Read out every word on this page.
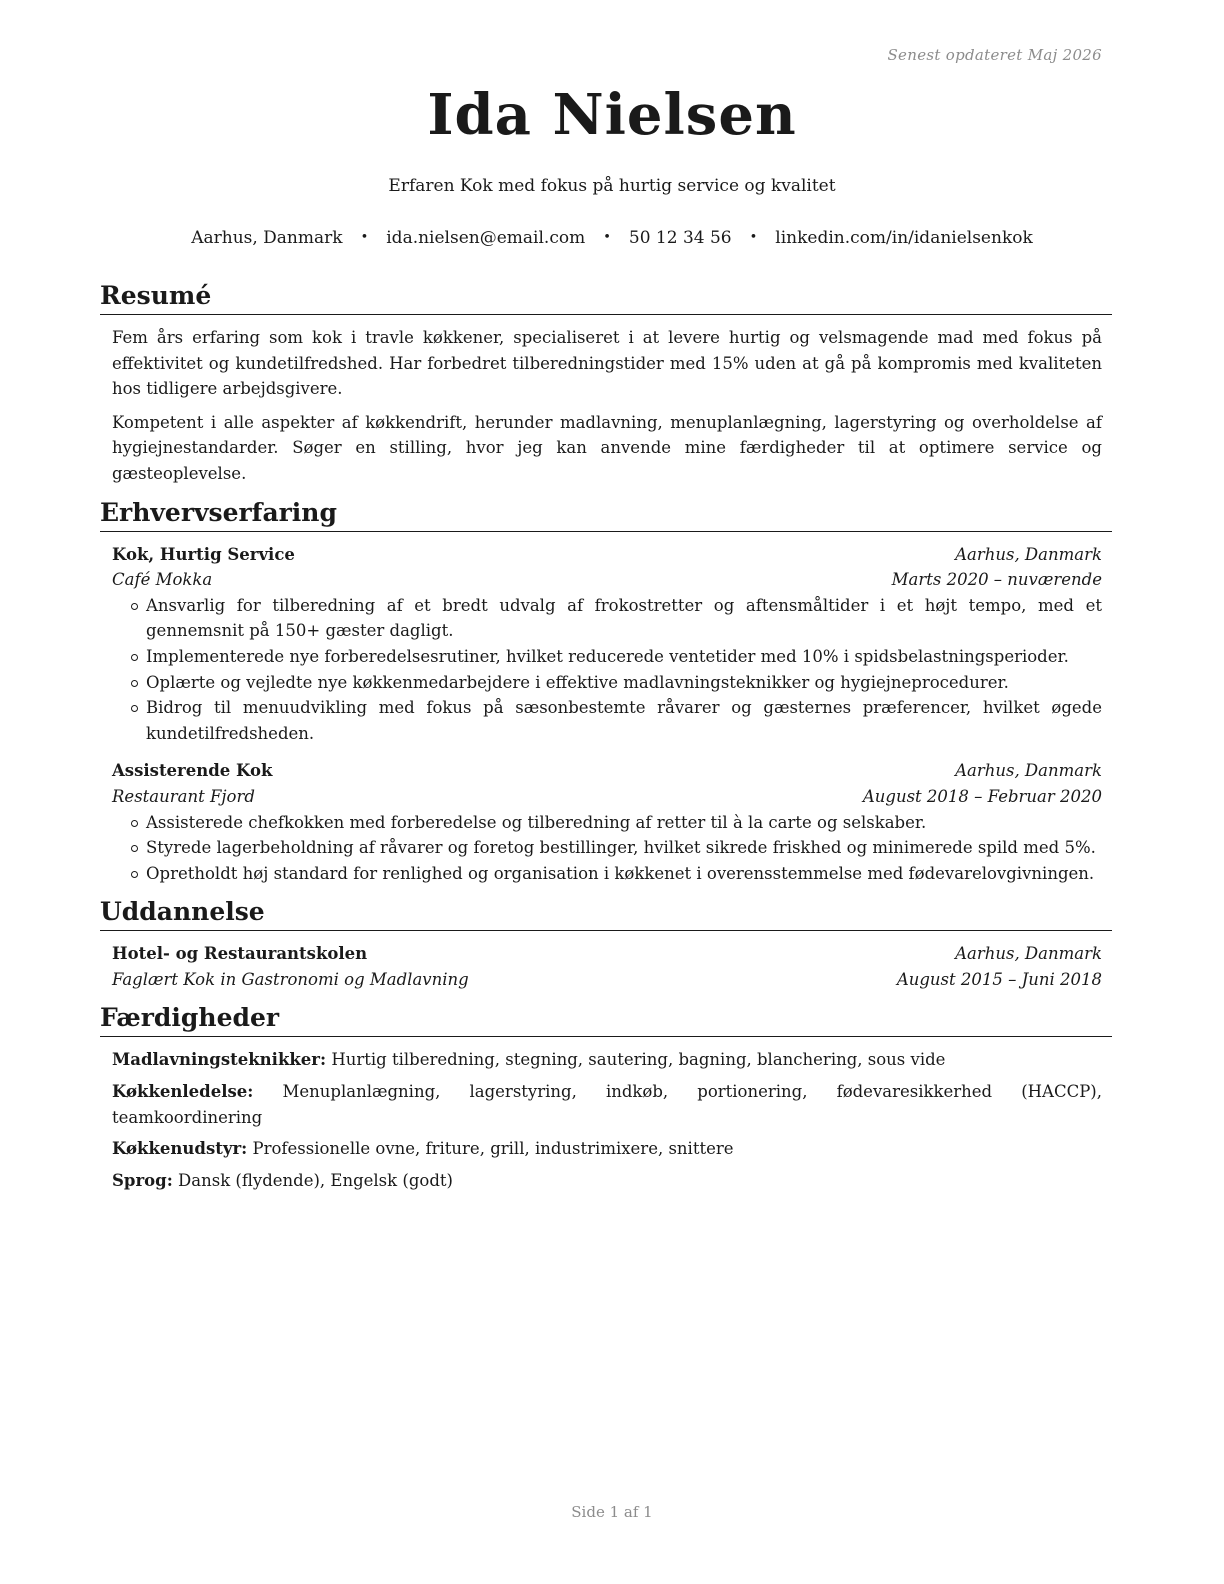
Senest opdateret Maj 2026
Ida Nielsen
Erfaren Kok med fokus på hurtig service og kvalitet
Aarhus, Danmark • ida.nielsen@email.com • 50 12 34 56 • linkedin.com/in/idanielsenkok
Resumé

Fem års erfaring som kok i travle køkkener, specialiseret i at levere hurtig og velsmagende mad med fokus på effektivitet og kundetilfredshed. Har forbedret tilberedningstider med 15% uden at gå på kompromis med kvaliteten hos tidligere arbejdsgivere.

Kompetent i alle aspekter af køkkendrift, herunder madlavning, menuplanlægning, lagerstyring og overholdelse af hygiejnestandarder. Søger en stilling, hvor jeg kan anvende mine færdigheder til at optimere service og gæsteoplevelse.

Erhvervserfaring
Kok, Hurtig Service	Aarhus, Danmark
Café Mokka	Marts 2020 – nuværende
Ansvarlig for tilberedning af et bredt udvalg af frokostretter og aftensmåltider i et højt tempo, med et gennemsnit på 150+ gæster dagligt.
Implementerede nye forberedelsesrutiner, hvilket reducerede ventetider med 10% i spidsbelastningsperioder.
Oplærte og vejledte nye køkkenmedarbejdere i effektive madlavningsteknikker og hygiejneprocedurer.
Bidrog til menuudvikling med fokus på sæsonbestemte råvarer og gæsternes præferencer, hvilket øgede kundetilfredsheden.
Assisterende Kok	Aarhus, Danmark
Restaurant Fjord	August 2018 – Februar 2020
Assisterede chefkokken med forberedelse og tilberedning af retter til à la carte og selskaber.
Styrede lagerbeholdning af råvarer og foretog bestillinger, hvilket sikrede friskhed og minimerede spild med 5%.
Opretholdt høj standard for renlighed og organisation i køkkenet i overensstemmelse med fødevarelovgivningen.
Uddannelse
Hotel- og Restaurantskolen	Aarhus, Danmark
Faglært Kok in Gastronomi og Madlavning	August 2015 – Juni 2018
Færdigheder
Madlavningsteknikker: Hurtig tilberedning, stegning, sautering, bagning, blanchering, sous vide
Køkkenledelse: Menuplanlægning, lagerstyring, indkøb, portionering, fødevaresikkerhed (HACCP), teamkoordinering
Køkkenudstyr: Professionelle ovne, friture, grill, industrimixere, snittere
Sprog: Dansk (flydende), Engelsk (godt)
Side 1 af 1
